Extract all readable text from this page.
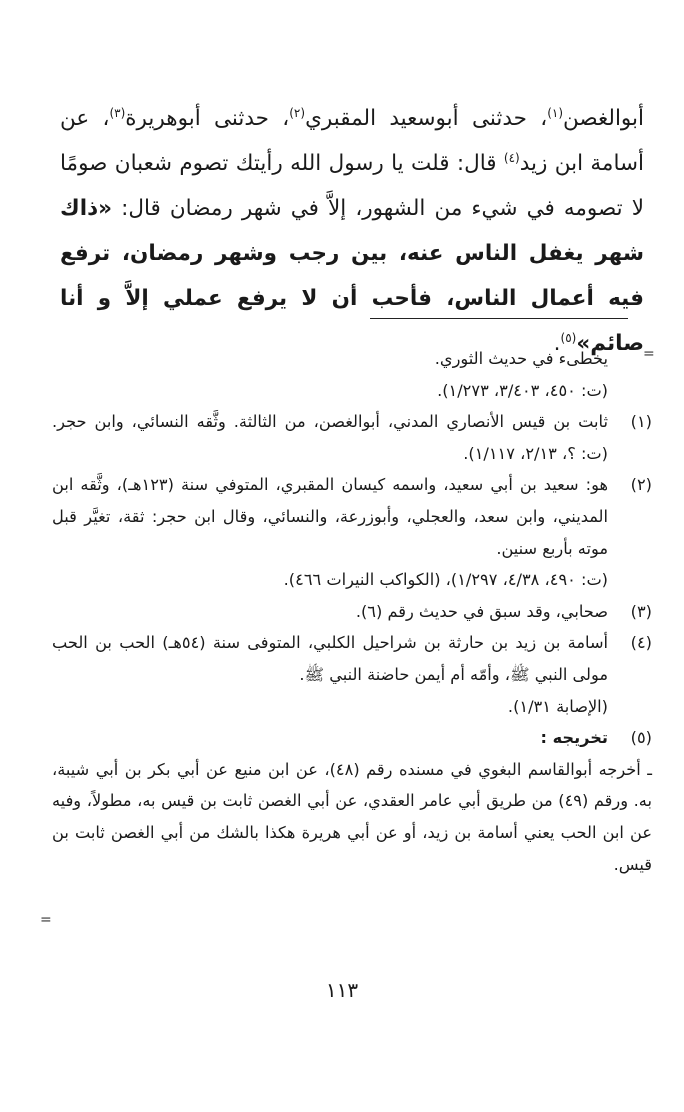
أبوالغصن$^{(١)}$، حدثنى أبوسعيد المقبري$^{(٢)}$، حدثنى أبوهريرة$^{(٣)}$، عن أسامة ابن زيد$^{(٤)}$ قال: قلت يا رسول الله رأيتك تصوم شعبان صومًا لا تصومه في شيء من الشهور، إلاَّ في شهر رمضان قال: «ذاك شهر يغفل الناس عنه، بين رجب وشهر رمضان، ترفع فيه أعمال الناس، فأحب أن لا يرفع عملي إلاَّ و أنا صائم»$^{(٥)}$.	=
يخطىء في حديث الثوري.
(ت: ٤٥٠، ٣/٤٠٣، ١/٢٧٣).
(١)
ثابت بن قيس الأنصاري المدني، أبوالغصن، من الثالثة. وثَّقه النسائي، وابن حجر. (ت: ؟، ٢/١٣، ١/١١٧).
(٢)
هو: سعيد بن أبي سعيد، واسمه كيسان المقبري، المتوفي سنة (١٢٣هـ)، وثَّقه ابن المديني، وابن سعد، والعجلي، وأبوزرعة، والنسائي، وقال ابن حجر: ثقة، تغيَّر قبل موته بأربع سنين.
(ت: ٤٩٠، ٤/٣٨، ١/٢٩٧)، (الكواكب النيرات ٤٦٦).
(٣)
صحابي، وقد سبق في حديث رقم (٦).
(٤)
أسامة بن زيد بن حارثة بن شراحيل الكلبي، المتوفى سنة (٥٤هـ) الحب بن الحب مولى النبي ﷺ، وأمّه أم أيمن حاضنة النبي ﷺ.
(الإصابة ١/٣١).
(٥)
تخريجه :
ـ أخرجه أبوالقاسم البغوي في مسنده رقم (٤٨)، عن ابن منيع عن أبي بكر بن أبي شيبة، به. ورقم (٤٩) من طريق أبي عامر العقدي، عن أبي الغصن ثابت بن قيس به، مطولاً، وفيه عن ابن الحب يعني أسامة بن زيد، أو عن أبي هريرة هكذا بالشك من أبي الغصن ثابت بن قيس.
=
١١٣
